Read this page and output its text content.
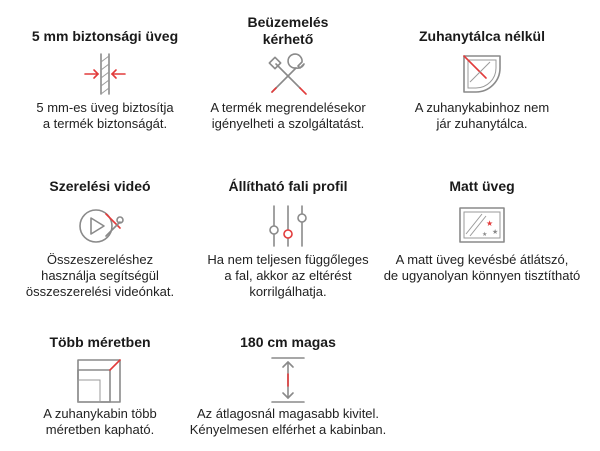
5 mm biztonsági üveg
5 mm-es üveg biztosítja
a termék biztonságát.
Beüzemelés
kérhető
A termék megrendelésekor
igényelheti a szolgáltatást.
Zuhanytálca nélkül
A zuhanykabinhoz nem
jár zuhanytálca.
Szerelési videó
Összeszereléshez
használja segítségül
összeszerelési videónkat.
Állítható fali profil
Ha nem teljesen függőleges
a fal, akkor az eltérést
korrilgálhatja.
Matt üveg
★
★
★
A matt üveg kevésbé átlátszó,
de ugyanolyan könnyen tisztítható
Több méretben
A zuhanykabin több
méretben kapható.
180 cm magas
Az átlagosnál magasabb kivitel.
Kényelmesen elférhet a kabinban.
